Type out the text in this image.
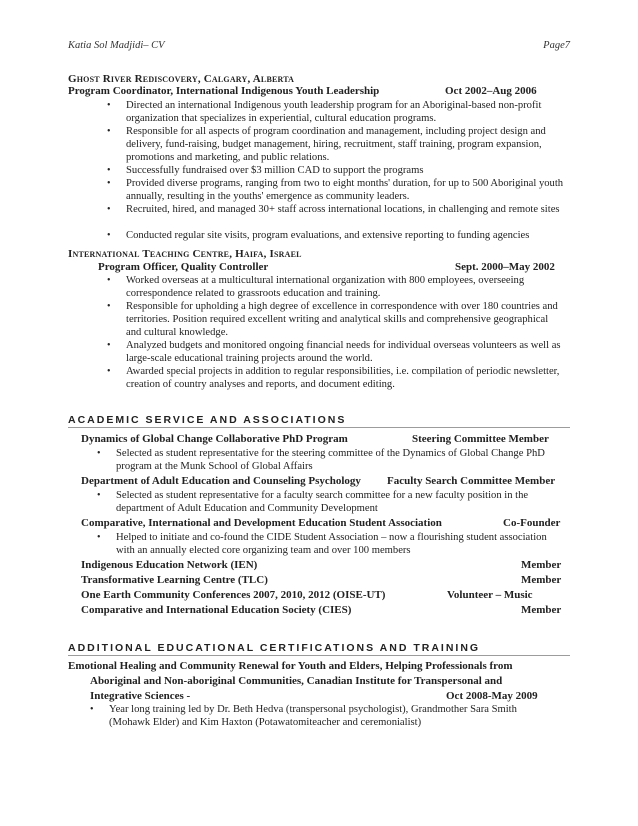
Katia Sol Madjidi– CV	Page7
Ghost River Rediscovery, Calgary, Alberta
Program Coordinator, International Indigenous Youth Leadership	Oct 2002–Aug 2006
• Directed an international Indigenous youth leadership program for an Aboriginal-based non-profit organization that specializes in experiential, cultural education programs.
• Responsible for all aspects of program coordination and management, including project design and delivery, fund-raising, budget management, hiring, recruitment, staff training, program expansion, promotions and marketing, and public relations.
• Successfully fundraised over $3 million CAD to support the programs
• Provided diverse programs, ranging from two to eight months' duration, for up to 500 Aboriginal youth annually, resulting in the youths' emergence as community leaders.
• Recruited, hired, and managed 30+ staff across international locations, in challenging and remote sites
• Conducted regular site visits, program evaluations, and extensive reporting to funding agencies
International Teaching Centre, Haifa, Israel
Program Officer, Quality Controller	Sept. 2000–May 2002
• Worked overseas at a multicultural international organization with 800 employees, overseeing correspondence related to grassroots education and training.
• Responsible for upholding a high degree of excellence in correspondence with over 180 countries and territories. Position required excellent writing and analytical skills and comprehensive geographical and cultural knowledge.
• Analyzed budgets and monitored ongoing financial needs for individual overseas volunteers as well as large-scale educational training projects around the world.
• Awarded special projects in addition to regular responsibilities, i.e. compilation of periodic newsletter, creation of country analyses and reports, and document editing.
ACADEMIC SERVICE AND ASSOCIATIONS
Dynamics of Global Change Collaborative PhD Program	Steering Committee Member
• Selected as student representative for the steering committee of the Dynamics of Global Change PhD program at the Munk School of Global Affairs
Department of Adult Education and Counseling Psychology Faculty Search Committee Member
• Selected as student representative for a faculty search committee for a new faculty position in the department of Adult Education and Community Development
Comparative, International and Development Education Student Association	Co-Founder
• Helped to initiate and co-found the CIDE Student Association – now a flourishing student association with an annually elected core organizing team and over 100 members
Indigenous Education Network (IEN)	Member
Transformative Learning Centre (TLC)	Member
One Earth Community Conferences 2007, 2010, 2012 (OISE-UT)	Volunteer – Music
Comparative and International Education Society (CIES)	Member
ADDITIONAL EDUCATIONAL CERTIFICATIONS AND TRAINING
Emotional Healing and Community Renewal for Youth and Elders, Helping Professionals from
Aboriginal and Non-aboriginal Communities, Canadian Institute for Transpersonal and
Integrative Sciences -	Oct 2008-May 2009
• Year long training led by Dr. Beth Hedva (transpersonal psychologist), Grandmother Sara Smith (Mohawk Elder) and Kim Haxton (Potawatomiteacher and ceremonialist)
